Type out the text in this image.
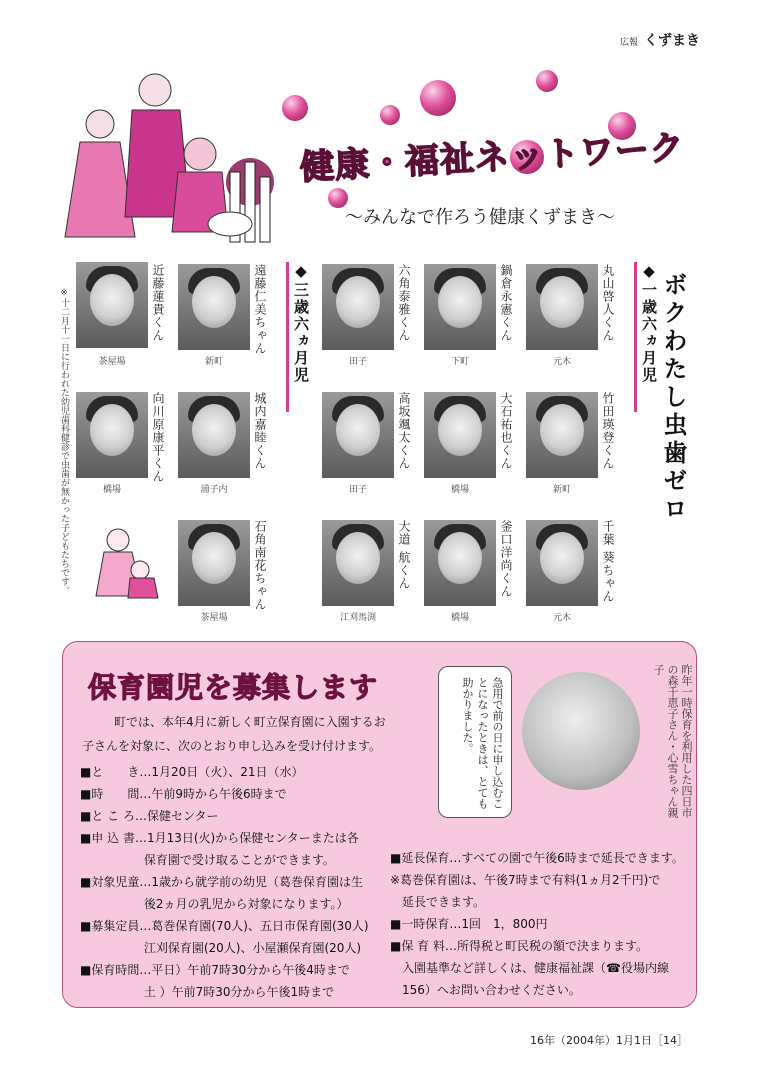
広報 くずまき
健康・福祉ネットワーク
～みんなで作ろう健康くずまき～
※十二月十一日に行われた幼児歯科健診で虫歯が無かった子どもたちです。	ボクわたし虫歯ゼロ
◆三歳六ヵ月児	◆一歳六ヵ月児
茶屋場
近藤蓮貴くん
新町
遠藤仁美ちゃん
田子
六角泰雅くん
下町
鍋倉永憲くん
元木
丸山啓人くん
橋場
向川原康平くん
浦子内
城内嘉睦くん
田子
高坂颯太くん
橋場
大石祐也くん
新町
竹田瑛登くん
茶屋場
石角南花ちゃん
江刈馬渕
大道 航くん
橋場
釜口洋尚くん
元木
千葉 葵ちゃん
保育園児を募集します	急用で前の日に申し込むことになったときは、とても助かりました。	昨年一時保育を利用した四日市の森千恵子さん・心雪ちゃん親子
町では、本年4月に新しく町立保育園に入園するお
子さんを対象に、次のとおり申し込みを受け付けます。
■と　　き…1月20日（火）、21日（水）
■時　　間…午前9時から午後6時まで
■と こ ろ…保健センター
■申 込 書…1月13日(火)から保健センターまたは各
　　　　　 保育園で受け取ることができます。
■対象児童…1歳から就学前の幼児（葛巻保育園は生
　　　　　 後2ヵ月の乳児から対象になります。）
■募集定員…葛巻保育園(70人)、五日市保育園(30人)
　　　　　 江刈保育園(20人)、小屋瀬保育園(20人)
■保育時間…平日）午前7時30分から午後4時まで
　　　　　 土 ）午前7時30分から午後1時まで
■延長保育…すべての園で午後6時まで延長できます。
※葛巻保育園は、午後7時まで有料(1ヵ月2千円)で
　延長できます。
■一時保育…1回　1，800円
■保 育 料…所得税と町民税の額で決まります。
　入園基準など詳しくは、健康福祉課（☎役場内線
　156）へお問い合わせください。
16年（2004年）1月1日［14］
